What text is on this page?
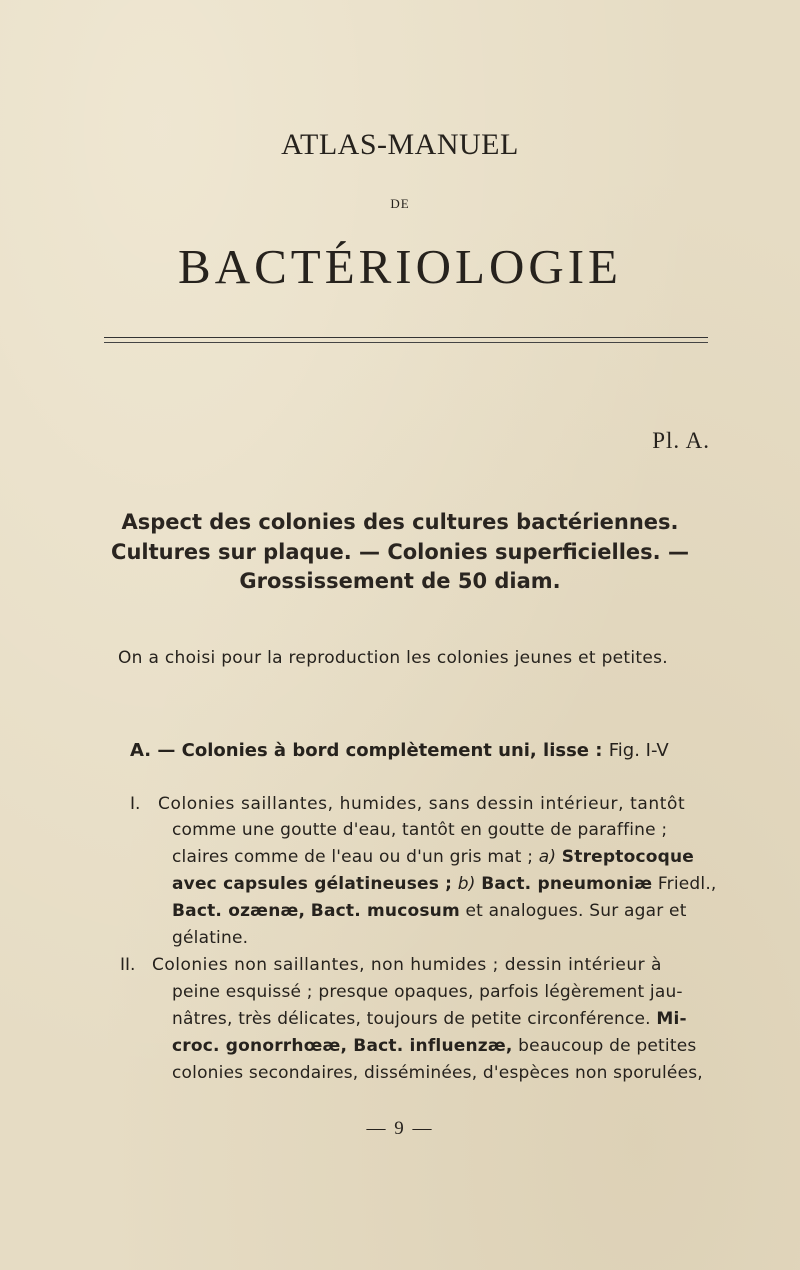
ATLAS-MANUEL
DE
BACTÉRIOLOGIE
Pl. A.
Aspect des colonies des cultures bactériennes.
Cultures sur plaque. — Colonies superficielles. —
Grossissement de 50 diam.
On a choisi pour la reproduction les colonies jeunes et petites.
A. — Colonies à bord complètement uni, lisse : Fig. I-V
I. Colonies saillantes, humides, sans dessin intérieur, tantôt
comme une goutte d'eau, tantôt en goutte de paraffine ;
claires comme de l'eau ou d'un gris mat ; a) Streptocoque
avec capsules gélatineuses ; b) Bact. pneumoniæ Friedl.,
Bact. ozænæ, Bact. mucosum et analogues. Sur agar et
gélatine.
II. Colonies non saillantes, non humides ; dessin intérieur à
peine esquissé ; presque opaques, parfois légèrement jau-
nâtres, très délicates, toujours de petite circonférence. Mi-
croc. gonorrhœæ, Bact. influenzæ, beaucoup de petites
colonies secondaires, disséminées, d'espèces non sporulées,
— 9 —
